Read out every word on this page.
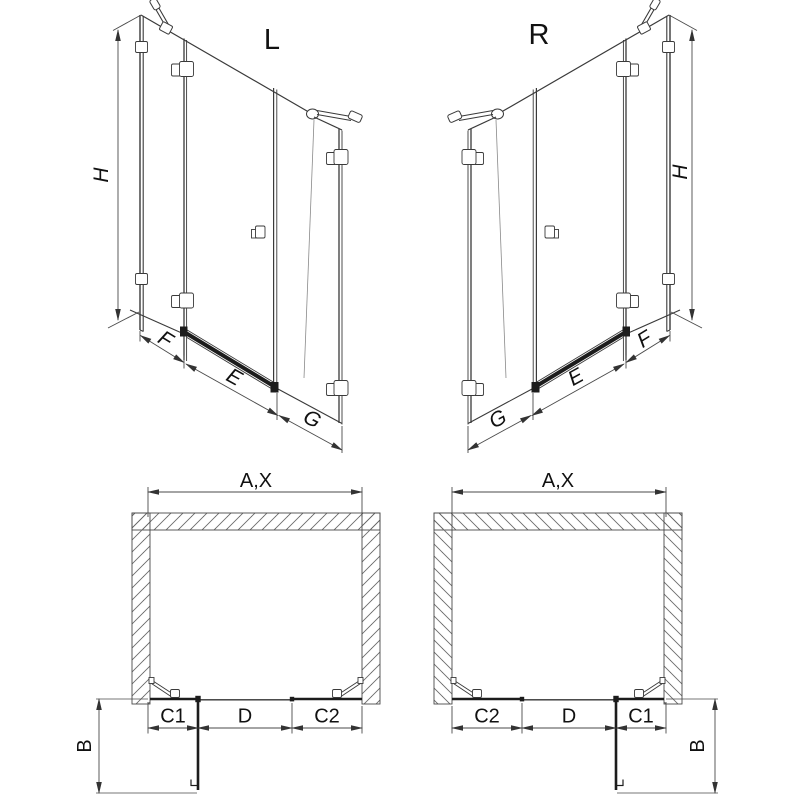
L
H
F
E
G
R
H
F
E
G
A,X
C1	D	C2
B
A,X
C2	D	C1
B
